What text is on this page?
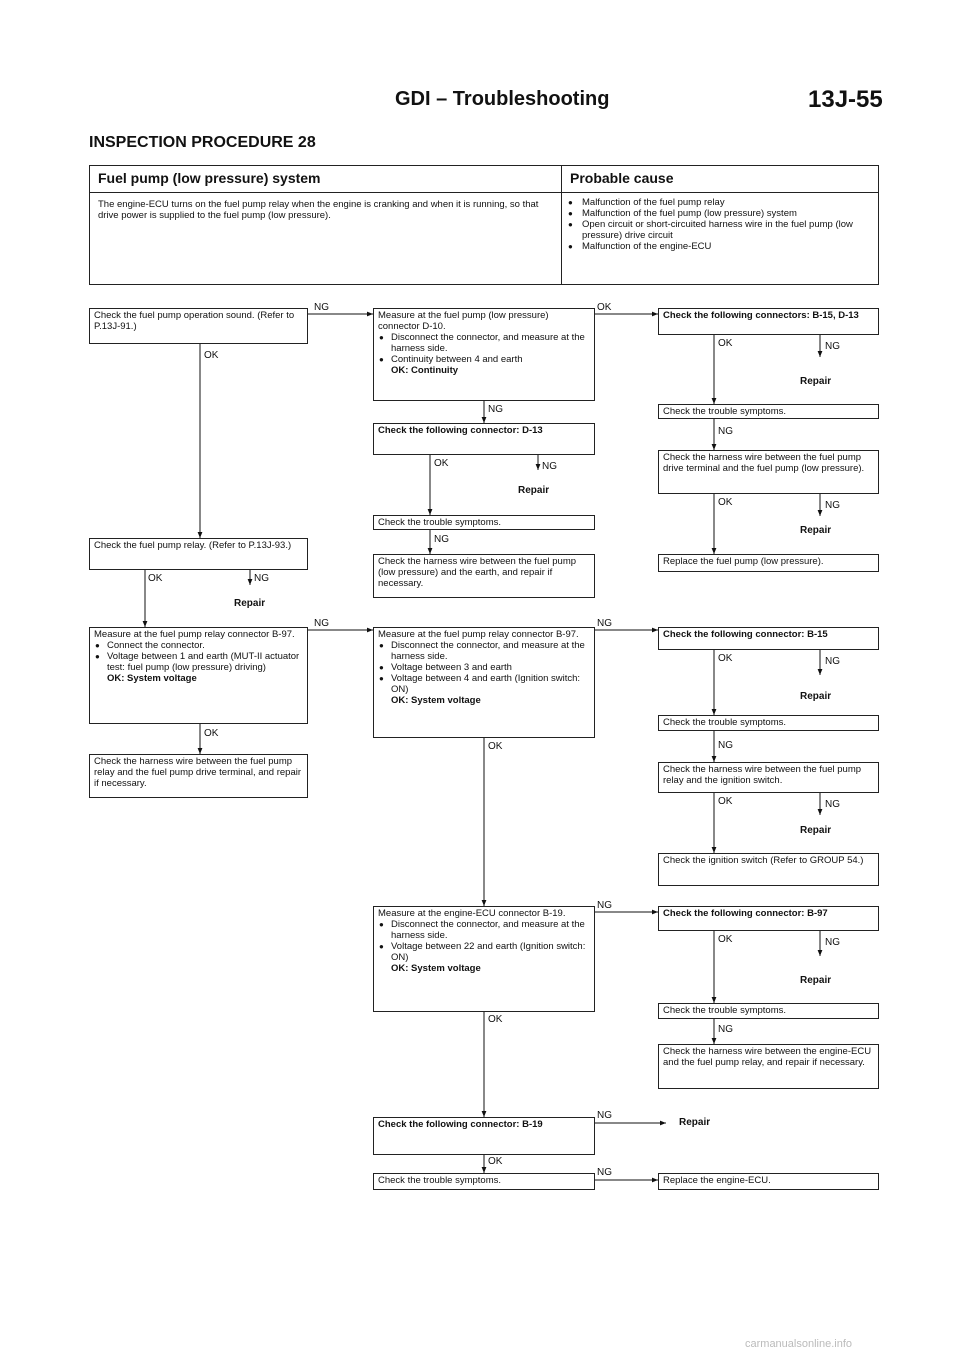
GDI – Troubleshooting	13J-55
INSPECTION PROCEDURE 28
Fuel pump (low pressure) system	Probable cause
The engine-ECU turns on the fuel pump relay when the engine is cranking and when it is running, so that drive power is supplied to the fuel pump (low pressure).
● Malfunction of the fuel pump relay
● Malfunction of the fuel pump (low pressure) system
● Open circuit or short-circuited harness wire in the fuel pump (low pressure) drive circuit
● Malfunction of the engine-ECU
Check the fuel pump operation sound. (Refer to P.13J-91.)
Check the fuel pump relay. (Refer to P.13J-93.)
Measure at the fuel pump relay connector B-97.
● Connect the connector.
● Voltage between 1 and earth (MUT-II actuator test: fuel pump (low pressure) driving)
OK: System voltage
Check the harness wire between the fuel pump relay and the fuel pump drive terminal, and repair if necessary.
Measure at the fuel pump (low pressure) connector D-10.
● Disconnect the connector, and measure at the harness side.
● Continuity between 4 and earth
OK: Continuity
Check the following connector: D-13
Check the trouble symptoms.
Check the harness wire between the fuel pump (low pressure) and the earth, and repair if necessary.
Measure at the fuel pump relay connector B-97.
● Disconnect the connector, and measure at the harness side.
● Voltage between 3 and earth
● Voltage between 4 and earth (Ignition switch: ON)
OK: System voltage
Measure at the engine-ECU connector B-19.
● Disconnect the connector, and measure at the harness side.
● Voltage between 22 and earth (Ignition switch: ON)
OK: System voltage
Check the following connector: B-19
Check the trouble symptoms.
Check the following connectors: B-15, D-13
Check the trouble symptoms.
Check the harness wire between the fuel pump drive terminal and the fuel pump (low pressure).
Replace the fuel pump (low pressure).
Check the following connector: B-15
Check the trouble symptoms.
Check the harness wire between the fuel pump relay and the ignition switch.
Check the ignition switch (Refer to GROUP 54.)
Check the following connector: B-97
Check the trouble symptoms.
Check the harness wire between the engine-ECU and the fuel pump relay, and repair if necessary.
Replace the engine-ECU.
NG
OK
OK	NG
Repair
NG
OK
OK
NG
OK	NG
Repair
NG
NG
OK
NG
OK
NG
Repair
OK
NG
OK	NG
Repair
NG
OK	NG
Repair
OK	NG
Repair
NG
OK	NG
Repair
OK	NG
Repair
NG
carmanualsonline.info
